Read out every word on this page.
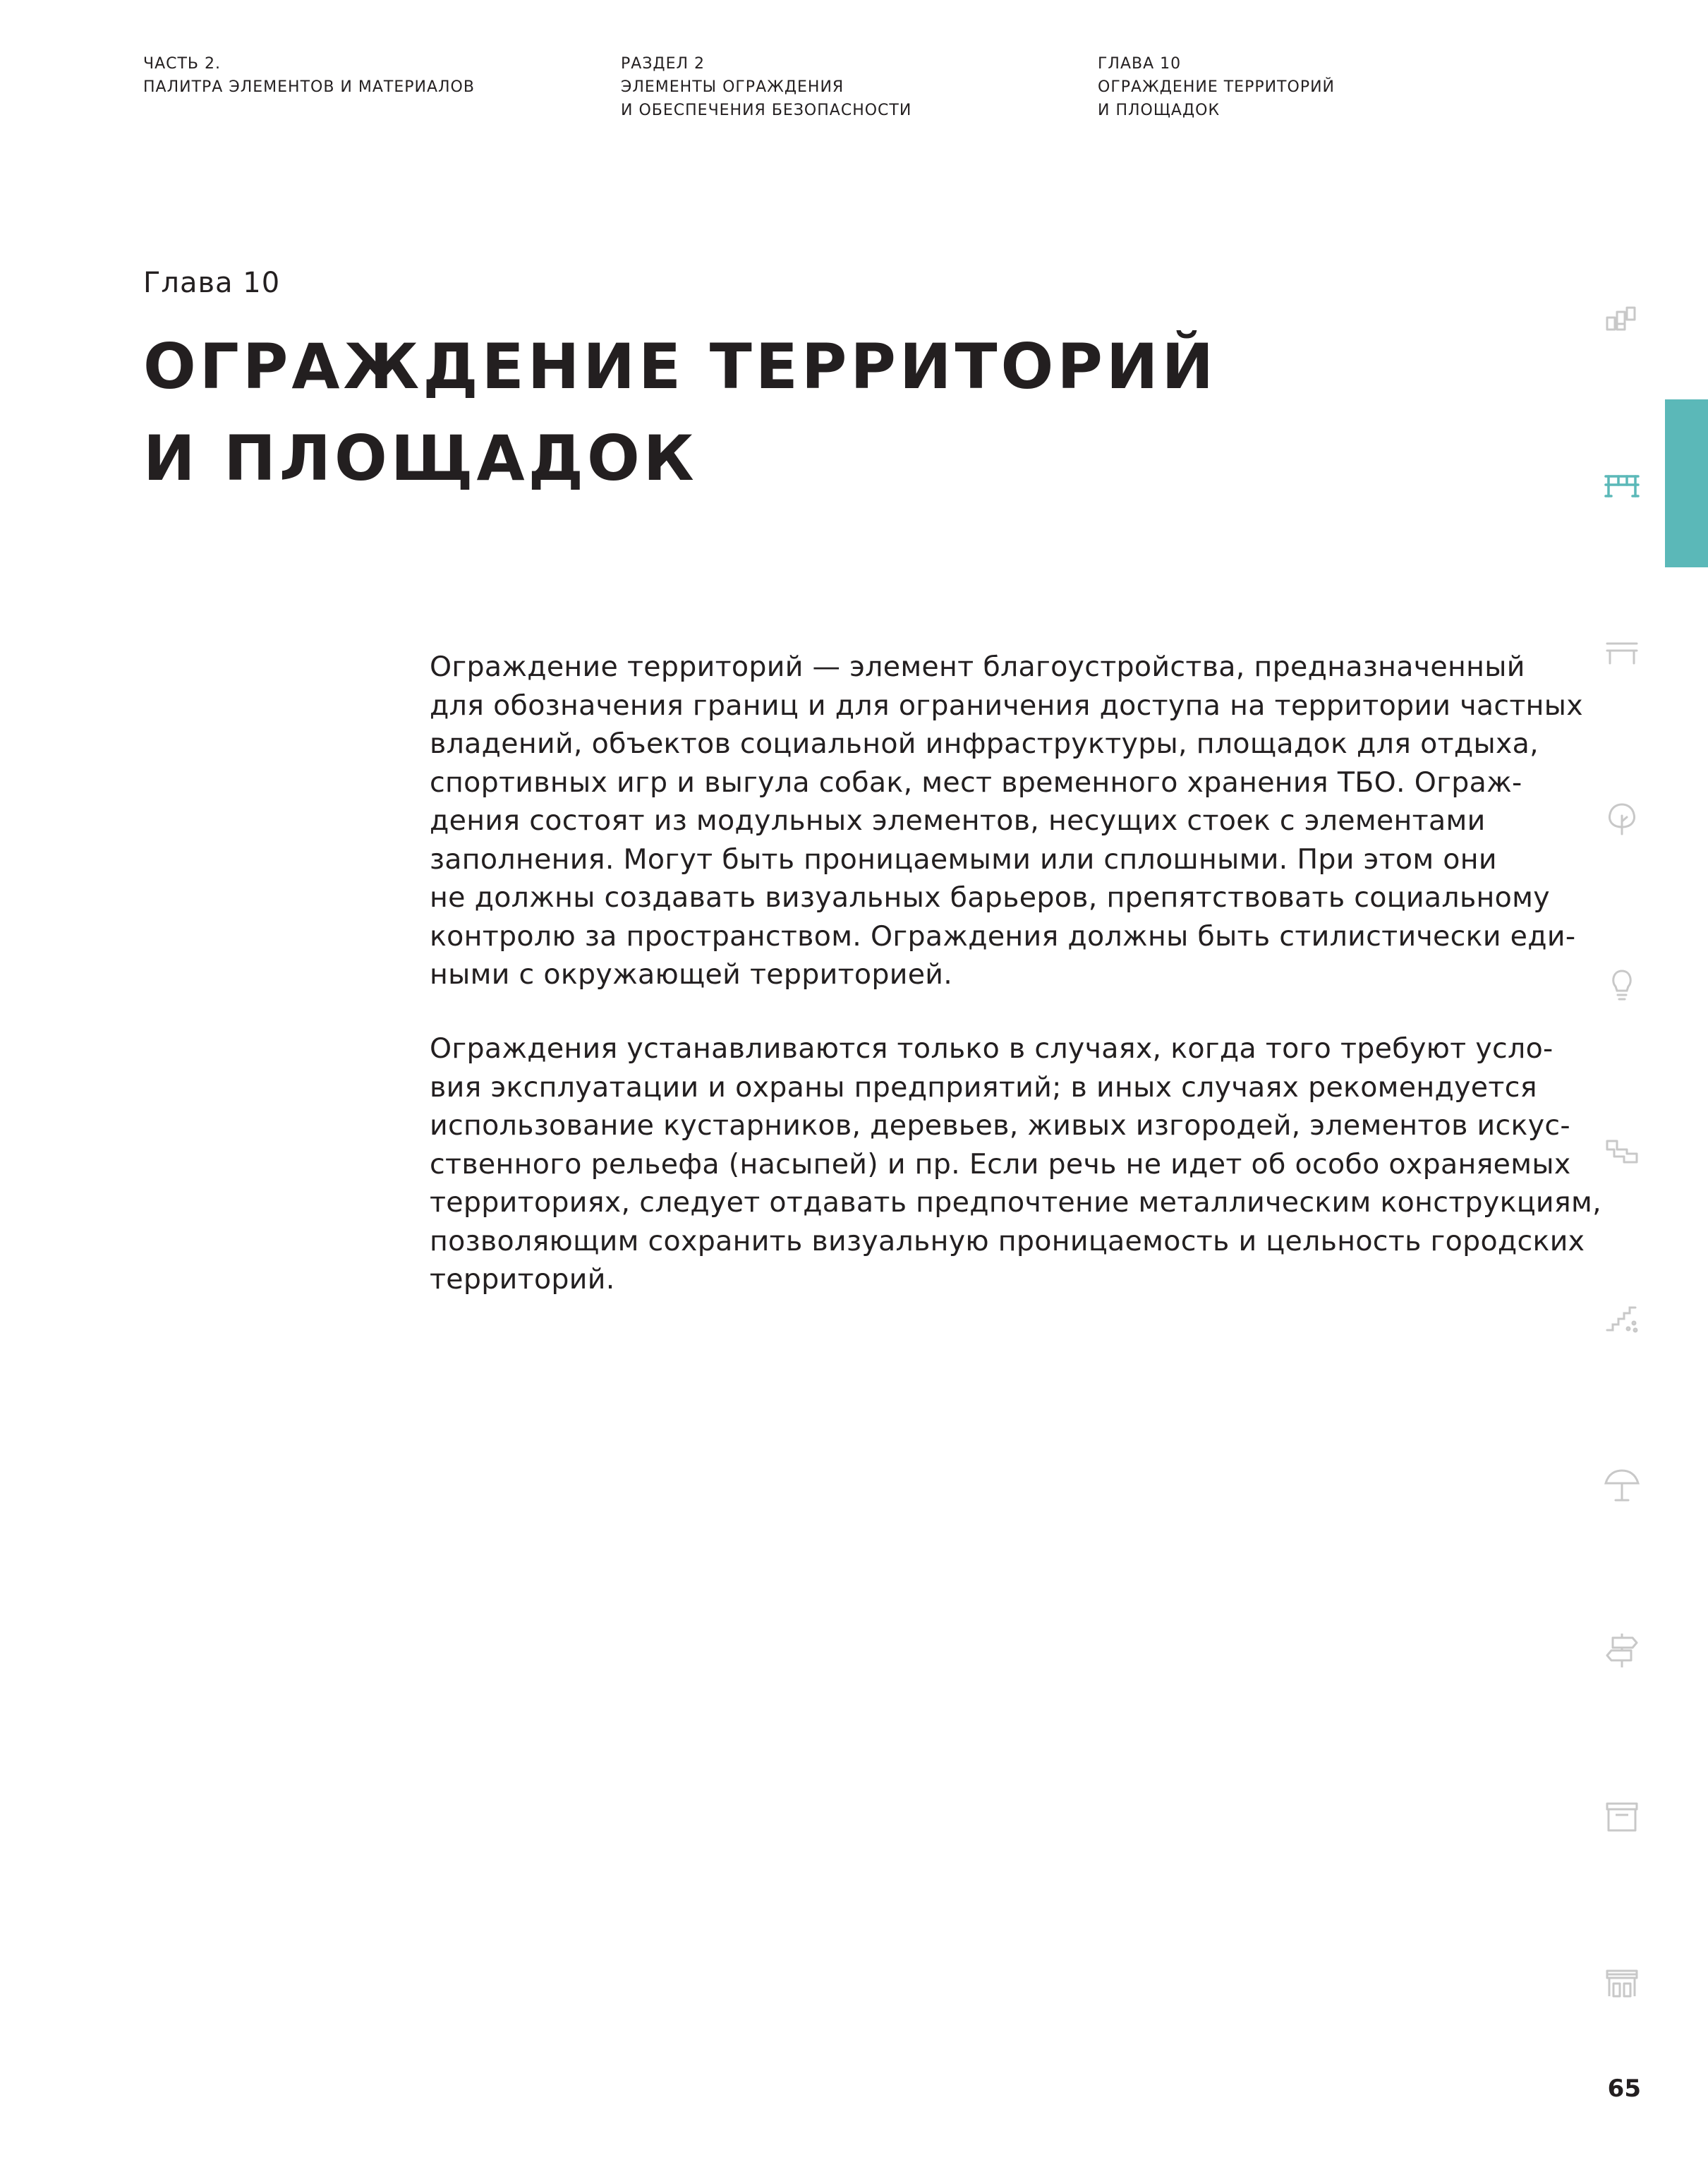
ЧАСТЬ 2.
ПАЛИТРА ЭЛЕМЕНТОВ И МАТЕРИАЛОВ
РАЗДЕЛ 2
ЭЛЕМЕНТЫ ОГРАЖДЕНИЯ
И ОБЕСПЕЧЕНИЯ БЕЗОПАСНОСТИ
ГЛАВА 10
ОГРАЖДЕНИЕ ТЕРРИТОРИЙ
И ПЛОЩАДОК
Глава 10
ОГРАЖДЕНИЕ ТЕРРИТОРИЙ
И ПЛОЩАДОК
Ограждение территорий — элемент благоустройства, предназначенный
для обозначения границ и для ограничения доступа на территории частных
владений, объектов социальной инфраструктуры, площадок для отдыха,
спортивных игр и выгула собак, мест временного хранения ТБО. Ограж-
дения состоят из модульных элементов, несущих стоек с элементами
заполнения. Могут быть проницаемыми или сплошными. При этом они
не должны создавать визуальных барьеров, препятствовать социальному
контролю за пространством. Ограждения должны быть стилистически еди-
ными с окружающей территорией.
Ограждения устанавливаются только в случаях, когда того требуют усло-
вия эксплуатации и охраны предприятий; в иных случаях рекомендуется
использование кустарников, деревьев, живых изгородей, элементов искус-
ственного рельефа (насыпей) и пр. Если речь не идет об особо охраняемых
территориях, следует отдавать предпочтение металлическим конструкциям,
позволяющим сохранить визуальную проницаемость и цельность городских
территорий.
65
